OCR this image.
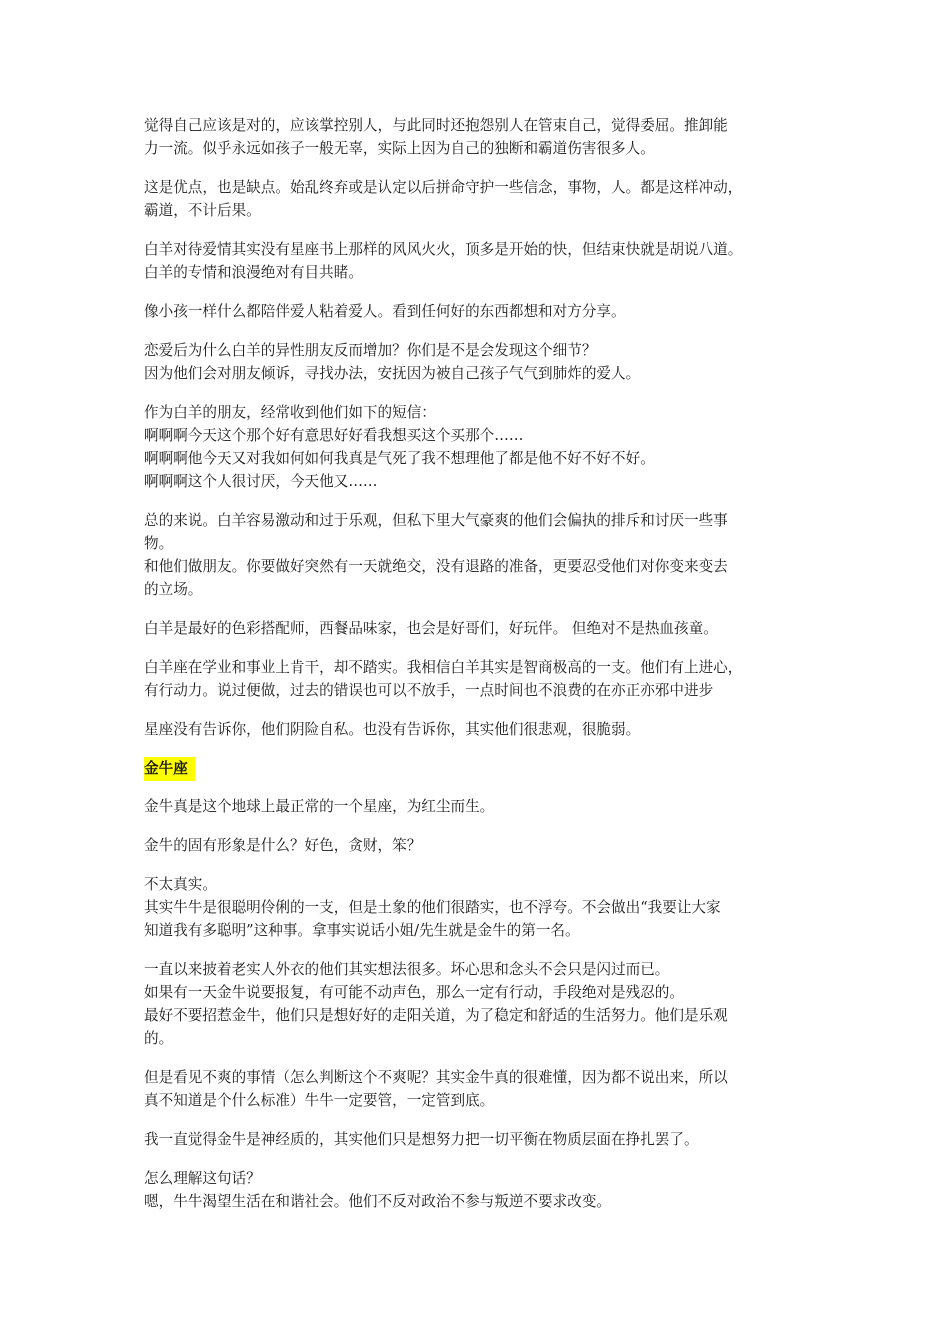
觉得自己应该是对的，应该掌控别人，与此同时还抱怨别人在管束自己，觉得委屈。推卸能
力一流。似乎永远如孩子一般无辜，实际上因为自己的独断和霸道伤害很多人。
这是优点，也是缺点。始乱终弃或是认定以后拼命守护一些信念，事物，人。都是这样冲动，
霸道，不计后果。
白羊对待爱情其实没有星座书上那样的风风火火，顶多是开始的快，但结束快就是胡说八道。
白羊的专情和浪漫绝对有目共睹。
像小孩一样什么都陪伴爱人粘着爱人。看到任何好的东西都想和对方分享。
恋爱后为什么白羊的异性朋友反而增加？你们是不是会发现这个细节？
因为他们会对朋友倾诉，寻找办法，安抚因为被自己孩子气气到肺炸的爱人。
作为白羊的朋友，经常收到他们如下的短信：
啊啊啊今天这个那个好有意思好好看我想买这个买那个……
啊啊啊他今天又对我如何如何我真是气死了我不想理他了都是他不好不好不好。
啊啊啊这个人很讨厌，今天他又……
总的来说。白羊容易激动和过于乐观，但私下里大气豪爽的他们会偏执的排斥和讨厌一些事
物。
和他们做朋友。你要做好突然有一天就绝交，没有退路的准备，更要忍受他们对你变来变去
的立场。
白羊是最好的色彩搭配师，西餐品味家，也会是好哥们，好玩伴。 但绝对不是热血孩童。
白羊座在学业和事业上肯干，却不踏实。我相信白羊其实是智商极高的一支。他们有上进心，
有行动力。说过便做，过去的错误也可以不放手，一点时间也不浪费的在亦正亦邪中进步
星座没有告诉你，他们阴险自私。也没有告诉你，其实他们很悲观，很脆弱。
金牛座
金牛真是这个地球上最正常的一个星座，为红尘而生。
金牛的固有形象是什么？好色，贪财，笨？
不太真实。
其实牛牛是很聪明伶俐的一支，但是土象的他们很踏实，也不浮夸。不会做出“我要让大家
知道我有多聪明”这种事。拿事实说话小姐/先生就是金牛的第一名。
一直以来披着老实人外衣的他们其实想法很多。坏心思和念头不会只是闪过而已。
如果有一天金牛说要报复，有可能不动声色，那么一定有行动，手段绝对是残忍的。
最好不要招惹金牛，他们只是想好好的走阳关道，为了稳定和舒适的生活努力。他们是乐观
的。
但是看见不爽的事情（怎么判断这个不爽呢？其实金牛真的很难懂，因为都不说出来，所以
真不知道是个什么标准）牛牛一定要管，一定管到底。
我一直觉得金牛是神经质的，其实他们只是想努力把一切平衡在物质层面在挣扎罢了。
怎么理解这句话？
嗯，牛牛渴望生活在和谐社会。他们不反对政治不参与叛逆不要求改变。
